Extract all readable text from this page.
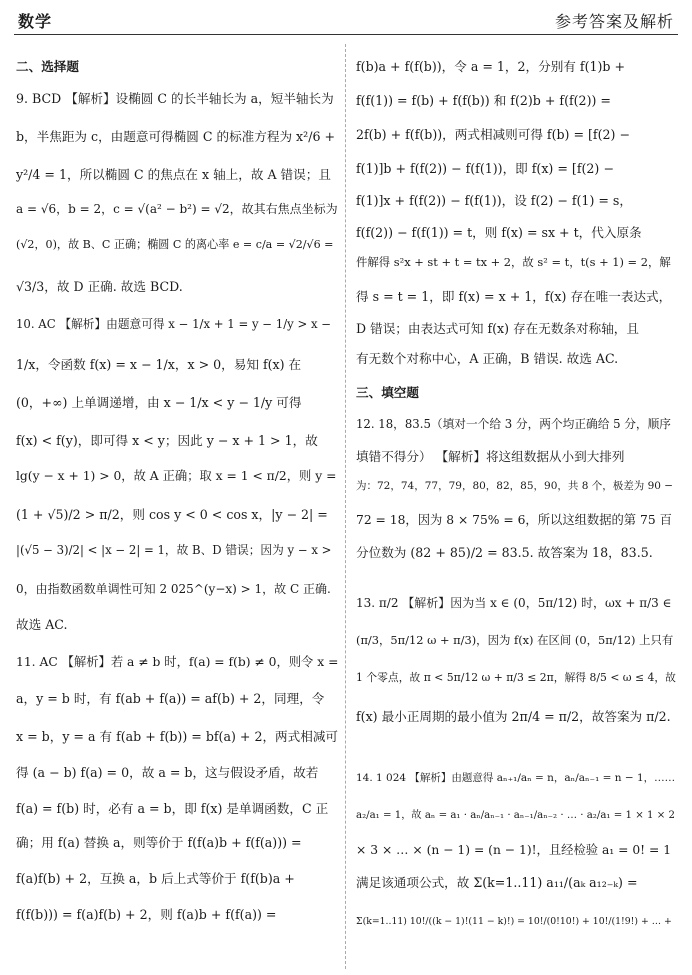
数学	参考答案及解析
二、选择题
9. BCD 【解析】设椭圆 C 的长半轴长为 a，短半轴长为
b，半焦距为 c，由题意可得椭圆 C 的标准方程为 x²/6 +
y²/4 = 1，所以椭圆 C 的焦点在 x 轴上，故 A 错误；且
a = √6，b = 2，c = √(a² − b²) = √2，故其右焦点坐标为
(√2，0)，故 B、C 正确；椭圆 C 的离心率 e = c/a = √2/√6 =
√3/3，故 D 正确. 故选 BCD.
10. AC 【解析】由题意可得 x − 1/x + 1 = y − 1/y > x −
1/x，令函数 f(x) = x − 1/x，x > 0，易知 f(x) 在
(0，+∞) 上单调递增，由 x − 1/x < y − 1/y 可得
f(x) < f(y)，即可得 x < y；因此 y − x + 1 > 1，故
lg(y − x + 1) > 0，故 A 正确；取 x = 1 < π/2，则 y =
(1 + √5)/2 > π/2，则 cos y < 0 < cos x，|y − 2| =
|(√5 − 3)/2| < |x − 2| = 1，故 B、D 错误；因为 y − x >
0，由指数函数单调性可知 2 025^(y−x) > 1，故 C 正确.
故选 AC.
11. AC 【解析】若 a ≠ b 时，f(a) = f(b) ≠ 0，则令 x =
a，y = b 时，有 f(ab + f(a)) = af(b) + 2，同理，令
x = b，y = a 有 f(ab + f(b)) = bf(a) + 2，两式相减可
得 (a − b) f(a) = 0，故 a = b，这与假设矛盾，故若
f(a) = f(b) 时，必有 a = b，即 f(x) 是单调函数，C 正
确；用 f(a) 替换 a，则等价于 f(f(a)b + f(f(a))) =
f(a)f(b) + 2，互换 a，b 后上式等价于 f(f(b)a +
f(f(b))) = f(a)f(b) + 2，则 f(a)b + f(f(a)) =
f(b)a + f(f(b))，令 a = 1，2，分别有 f(1)b +
f(f(1)) = f(b) + f(f(b)) 和 f(2)b + f(f(2)) =
2f(b) + f(f(b))，两式相减则可得 f(b) = [f(2) −
f(1)]b + f(f(2)) − f(f(1))，即 f(x) = [f(2) −
f(1)]x + f(f(2)) − f(f(1))，设 f(2) − f(1) = s，
f(f(2)) − f(f(1)) = t，则 f(x) = sx + t，代入原条
件解得 s²x + st + t = tx + 2，故 s² = t，t(s + 1) = 2，解
得 s = t = 1，即 f(x) = x + 1，f(x) 存在唯一表达式，
D 错误；由表达式可知 f(x) 存在无数条对称轴，且
有无数个对称中心，A 正确，B 错误. 故选 AC.
三、填空题
12. 18，83.5（填对一个给 3 分，两个均正确给 5 分，顺序
填错不得分） 【解析】将这组数据从小到大排列
为：72，74，77，79，80，82，85，90，共 8 个，极差为 90 −
72 = 18，因为 8 × 75% = 6，所以这组数据的第 75 百
分位数为 (82 + 85)/2 = 83.5. 故答案为 18，83.5.
13. π/2 【解析】因为当 x ∈ (0，5π/12) 时，ωx + π/3 ∈
(π/3，5π/12 ω + π/3)，因为 f(x) 在区间 (0，5π/12) 上只有
1 个零点，故 π < 5π/12 ω + π/3 ≤ 2π，解得 8/5 < ω ≤ 4，故
f(x) 最小正周期的最小值为 2π/4 = π/2，故答案为 π/2.
14. 1 024 【解析】由题意得 aₙ₊₁/aₙ = n，aₙ/aₙ₋₁ = n − 1，……
a₂/a₁ = 1，故 aₙ = a₁ · aₙ/aₙ₋₁ · aₙ₋₁/aₙ₋₂ · … · a₂/a₁ = 1 × 1 × 2
× 3 × … × (n − 1) = (n − 1)!，且经检验 a₁ = 0! = 1
满足该通项公式，故 Σ(k=1..11) a₁₁/(aₖ a₁₂₋ₖ) =
Σ(k=1..11) 10!/((k − 1)!(11 − k)!) = 10!/(0!10!) + 10!/(1!9!) + … +
